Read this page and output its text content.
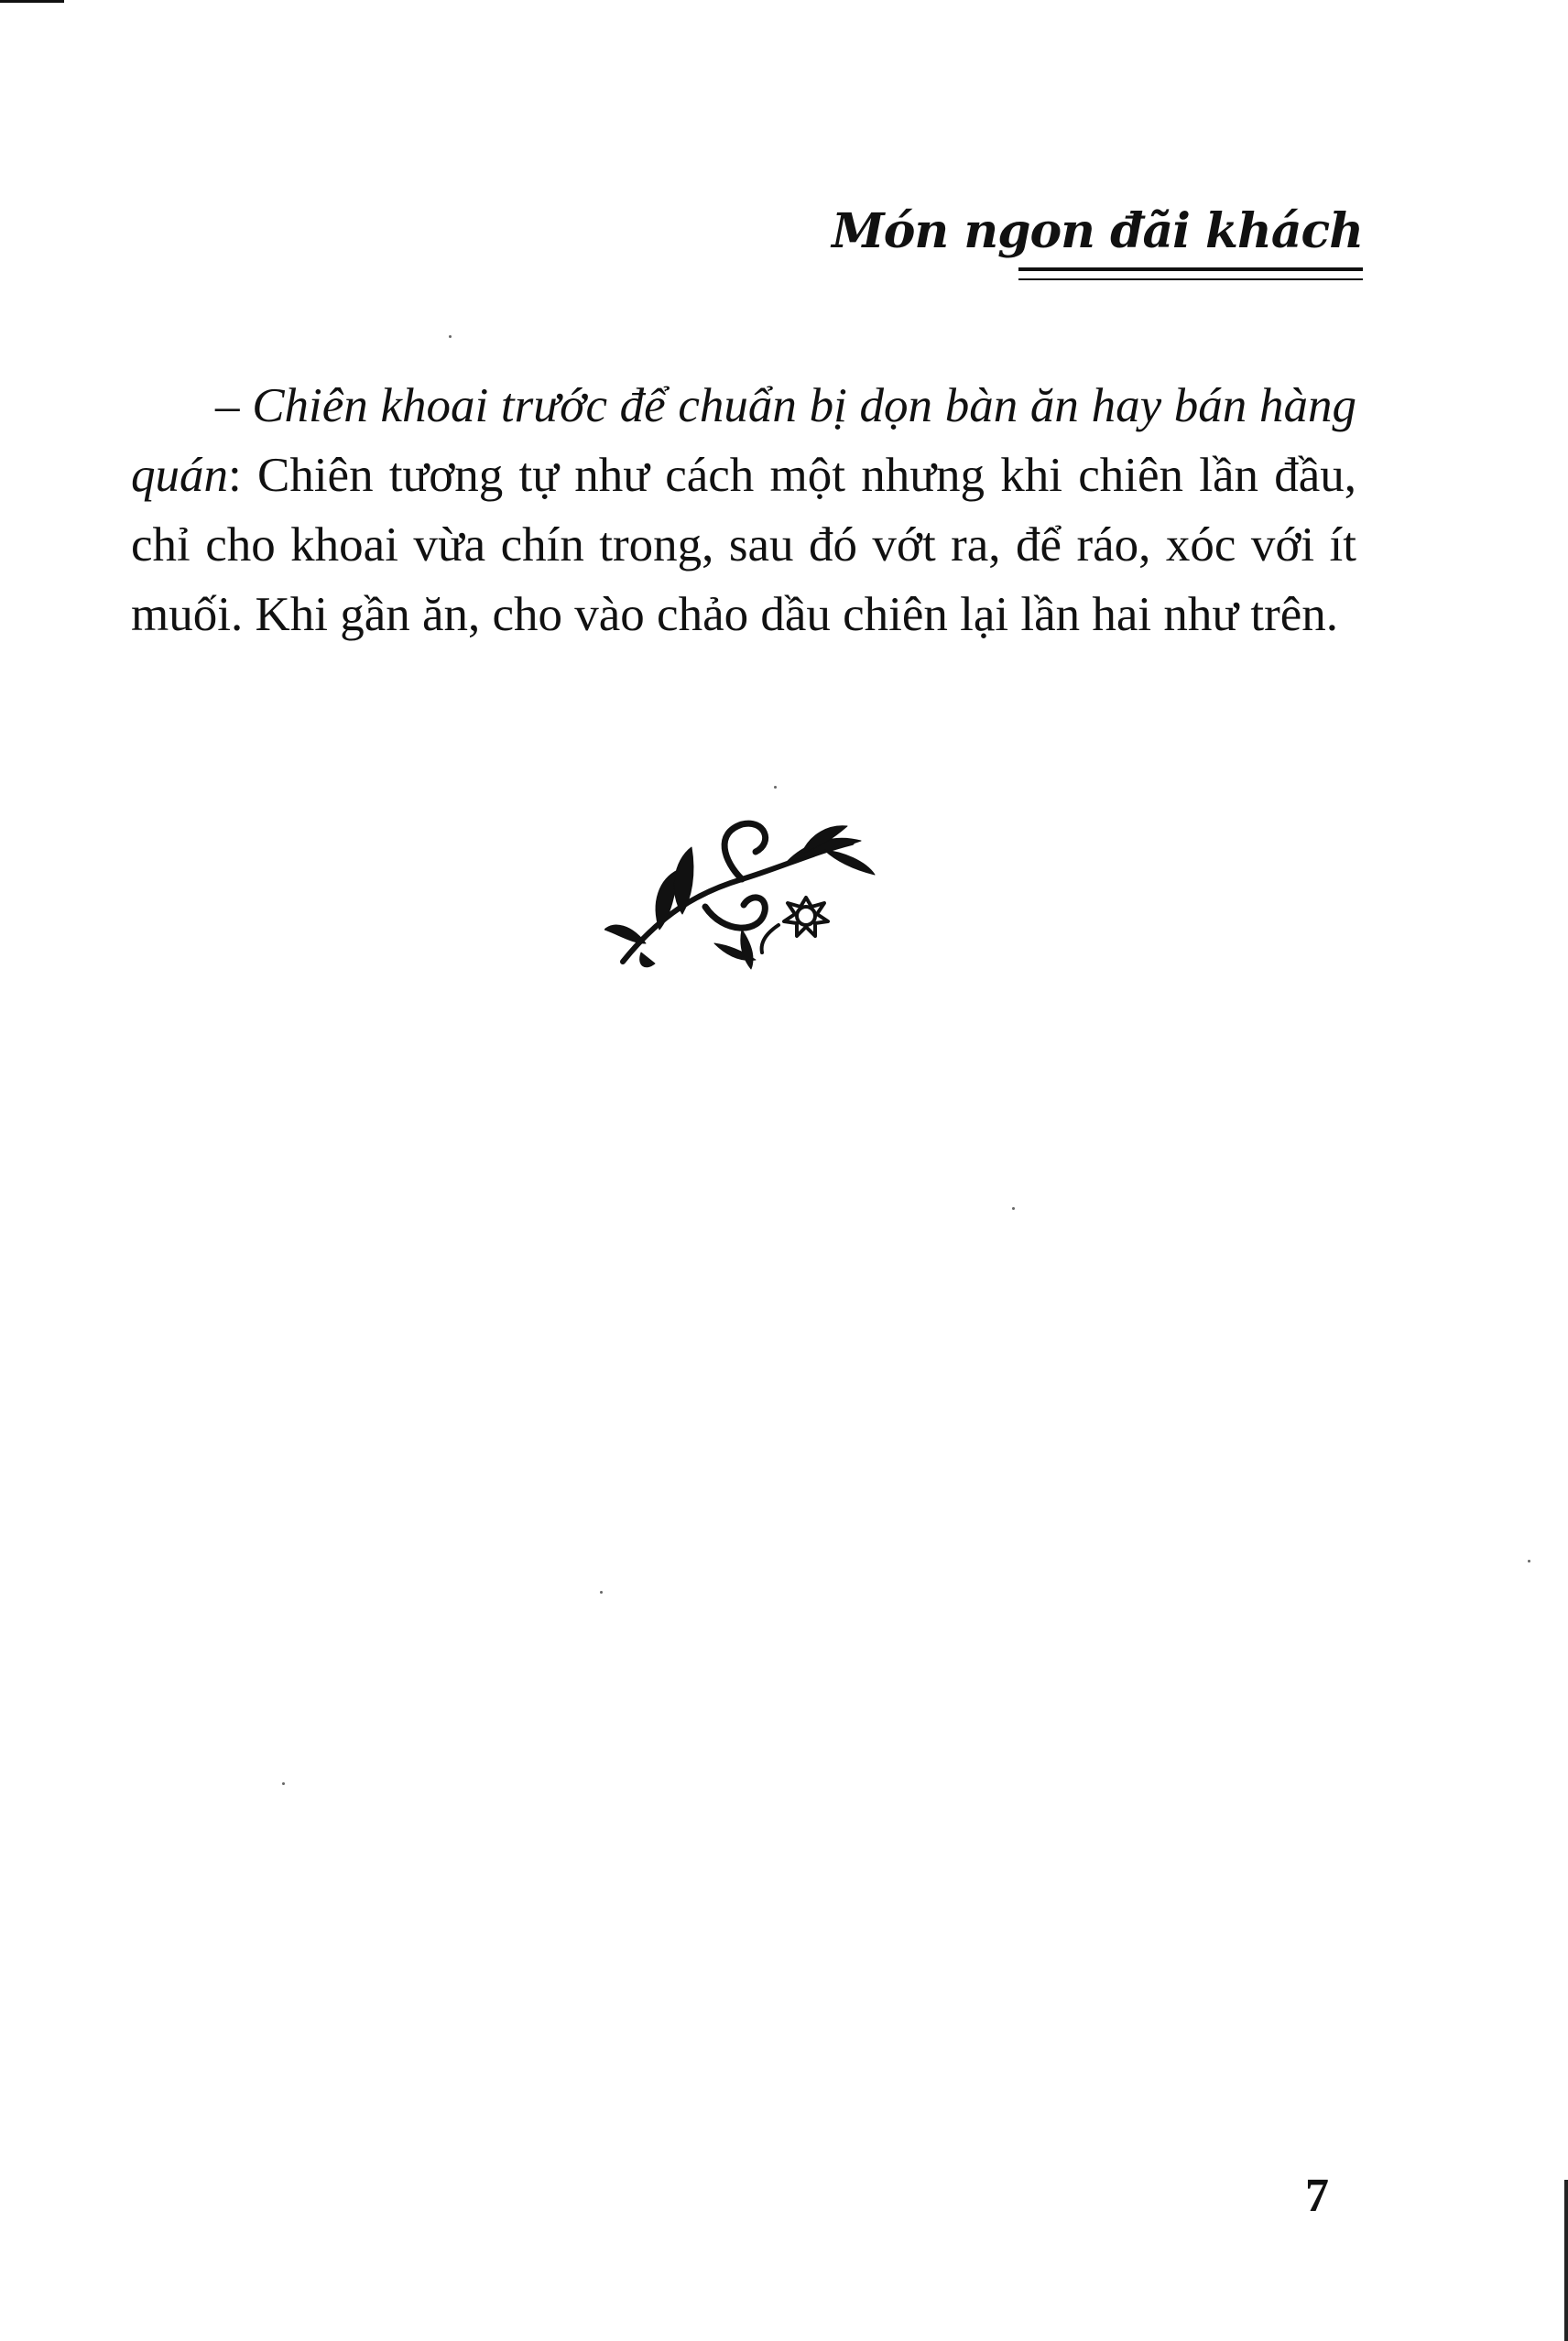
Món ngon đãi khách

– Chiên khoai trước để chuẩn bị dọn bàn ăn hay bán hàng quán: Chiên tương tự như cách một nhưng khi chiên lần đầu, chỉ cho khoai vừa chín trong, sau đó vớt ra, để ráo, xóc với ít muối. Khi gần ăn, cho vào chảo dầu chiên lại lần hai như trên.

7
